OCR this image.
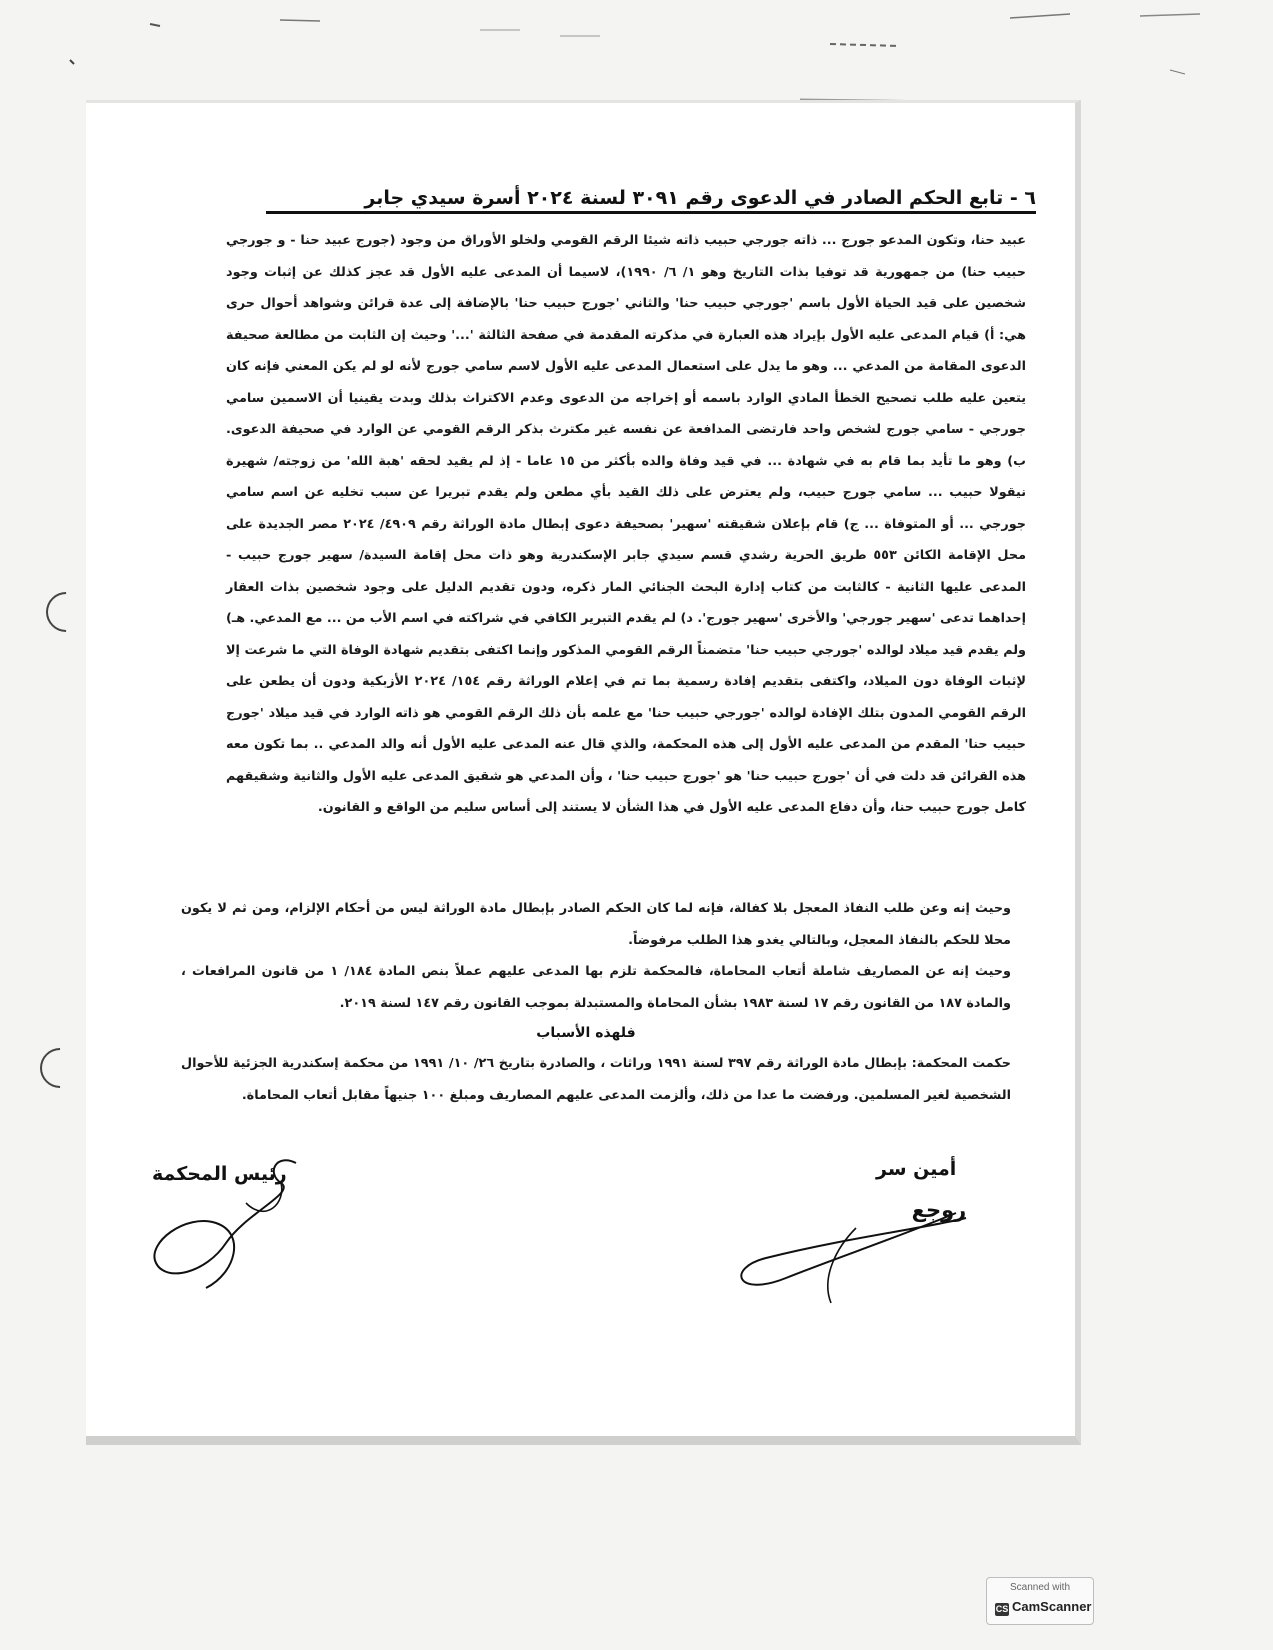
٦ - تابع الحكم الصادر في الدعوى رقم ٣٠٩١ لسنة ٢٠٢٤ أسرة سيدي جابر

عبيد حنا، وتكون المدعو جورج ... ذاته جورجي حبيب ذاته شيئا الرقم القومي ولخلو الأوراق من وجود (جورج عبيد حنا - و جورجي حبيب حنا) من جمهورية قد توفيا بذات التاريخ وهو ١/ ٦/ ١٩٩٠)، لاسيما أن المدعى عليه الأول قد عجز كذلك عن إثبات وجود شخصين على قيد الحياة الأول باسم 'جورجي حبيب حنا' والثاني 'جورج حبيب حنا' بالإضافة إلى عدة قرائن وشواهد أحوال حرى هي: أ) قيام المدعى عليه الأول بإيراد هذه العبارة في مذكرته المقدمة في صفحة الثالثة '...' وحيث إن الثابت من مطالعة صحيفة الدعوى المقامة من المدعي ... وهو ما يدل على استعمال المدعى عليه الأول لاسم سامي جورج لأنه لو لم يكن المعني فإنه كان يتعين عليه طلب تصحيح الخطأ المادي الوارد باسمه أو إخراجه من الدعوى وعدم الاكتراث بذلك وبدت يقينيا أن الاسمين سامي جورجي - سامي جورج لشخص واحد فارتضى المدافعة عن نفسه غير مكترث بذكر الرقم القومي عن الوارد في صحيفة الدعوى. ب) وهو ما تأيد بما قام به في شهادة ... في قيد وفاة والده بأكثر من ١٥ عاما - إذ لم يقيد لحقه 'هبة الله' من زوجته/ شهيرة نيقولا حبيب ... سامي جورج حبيب، ولم يعترض على ذلك القيد بأي مطعن ولم يقدم تبريرا عن سبب تخليه عن اسم سامي جورجي ... أو المتوفاة ... ج) قام بإعلان شقيقته 'سهير' بصحيفة دعوى إبطال مادة الوراثة رقم ٤٩٠٩/ ٢٠٢٤ مصر الجديدة على محل الإقامة الكائن ٥٥٣ طريق الحرية رشدي قسم سيدي جابر الإسكندرية وهو ذات محل إقامة السيدة/ سهير جورج حبيب - المدعى عليها الثانية - كالثابت من كتاب إدارة البحث الجنائي المار ذكره، ودون تقديم الدليل على وجود شخصين بذات العقار إحداهما تدعى 'سهير جورجي' والأخرى 'سهير جورج'. د) لم يقدم التبرير الكافي في شراكته في اسم الأب من ... مع المدعي. هـ) ولم يقدم قيد ميلاد لوالده 'جورجي حبيب حنا' متضمناً الرقم القومي المذكور وإنما اكتفى بتقديم شهادة الوفاة التي ما شرعت إلا لإثبات الوفاة دون الميلاد، واكتفى بتقديم إفادة رسمية بما تم في إعلام الوراثة رقم ١٥٤/ ٢٠٢٤ الأزبكية ودون أن يطعن على الرقم القومي المدون بتلك الإفادة لوالده 'جورجي حبيب حنا' مع علمه بأن ذلك الرقم القومي هو ذاته الوارد في قيد ميلاد 'جورج حبيب حنا' المقدم من المدعى عليه الأول إلى هذه المحكمة، والذي قال عنه المدعى عليه الأول أنه والد المدعي .. بما تكون معه هذه القرائن قد دلت في أن 'جورج حبيب حنا' هو 'جورج حبيب حنا' ، وأن المدعي هو شقيق المدعى عليه الأول والثانية وشقيقهم كامل جورج حبيب حنا، وأن دفاع المدعى عليه الأول في هذا الشأن لا يستند إلى أساس سليم من الواقع و القانون.

وحيث إنه وعن طلب النفاذ المعجل بلا كفالة، فإنه لما كان الحكم الصادر بإبطال مادة الوراثة ليس من أحكام الإلزام، ومن ثم لا يكون محلا للحكم بالنفاذ المعجل، وبالتالي يغدو هذا الطلب مرفوضاً.

وحيث إنه عن المصاريف شاملة أتعاب المحاماة، فالمحكمة تلزم بها المدعى عليهم عملاً بنص المادة ١٨٤/ ١ من قانون المرافعات ، والمادة ١٨٧ من القانون رقم ١٧ لسنة ١٩٨٣ بشأن المحاماة والمستبدلة بموجب القانون رقم ١٤٧ لسنة ٢٠١٩.

فلهذه الأسباب

حكمت المحكمة: بإبطال مادة الوراثة رقم ٣٩٧ لسنة ١٩٩١ وراثات ، والصادرة بتاريخ ٢٦/ ١٠/ ١٩٩١ من محكمة إسكندرية الجزئية للأحوال الشخصية لغير المسلمين. ورفضت ما عدا من ذلك، وألزمت المدعى عليهم المصاريف ومبلغ ١٠٠ جنيهاً مقابل أتعاب المحاماة.

رئيس المحكمة	أمين سر
روجع
Scanned with
CS CamScanner
